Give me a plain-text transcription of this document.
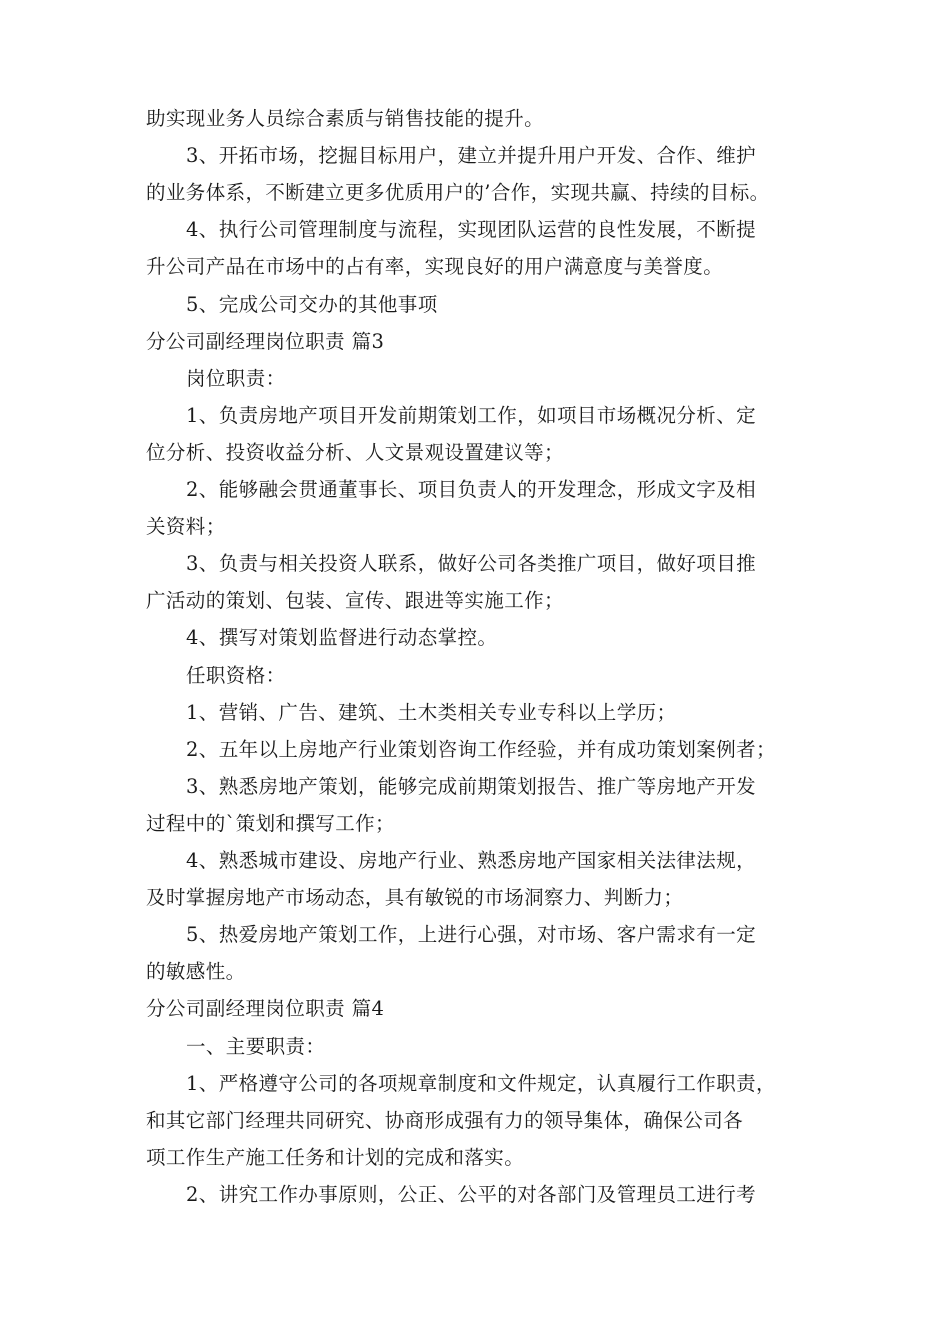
助实现业务人员综合素质与销售技能的提升。
3、开拓市场，挖掘目标用户，建立并提升用户开发、合作、维护
的业务体系，不断建立更多优质用户的’合作，实现共赢、持续的目标。
4、执行公司管理制度与流程，实现团队运营的良性发展，不断提
升公司产品在市场中的占有率，实现良好的用户满意度与美誉度。
5、完成公司交办的其他事项
分公司副经理岗位职责 篇3
岗位职责：
1、负责房地产项目开发前期策划工作，如项目市场概况分析、定
位分析、投资收益分析、人文景观设置建议等；
2、能够融会贯通董事长、项目负责人的开发理念，形成文字及相
关资料；
3、负责与相关投资人联系，做好公司各类推广项目，做好项目推
广活动的策划、包装、宣传、跟进等实施工作；
4、撰写对策划监督进行动态掌控。
任职资格：
1、营销、广告、建筑、土木类相关专业专科以上学历；
2、五年以上房地产行业策划咨询工作经验，并有成功策划案例者；
3、熟悉房地产策划，能够完成前期策划报告、推广等房地产开发
过程中的`策划和撰写工作；
4、熟悉城市建设、房地产行业、熟悉房地产国家相关法律法规，
及时掌握房地产市场动态，具有敏锐的市场洞察力、判断力；
5、热爱房地产策划工作，上进行心强，对市场、客户需求有一定
的敏感性。
分公司副经理岗位职责 篇4
一、主要职责：
1、严格遵守公司的各项规章制度和文件规定，认真履行工作职责，
和其它部门经理共同研究、协商形成强有力的领导集体，确保公司各
项工作生产施工任务和计划的完成和落实。
2、讲究工作办事原则，公正、公平的对各部门及管理员工进行考
